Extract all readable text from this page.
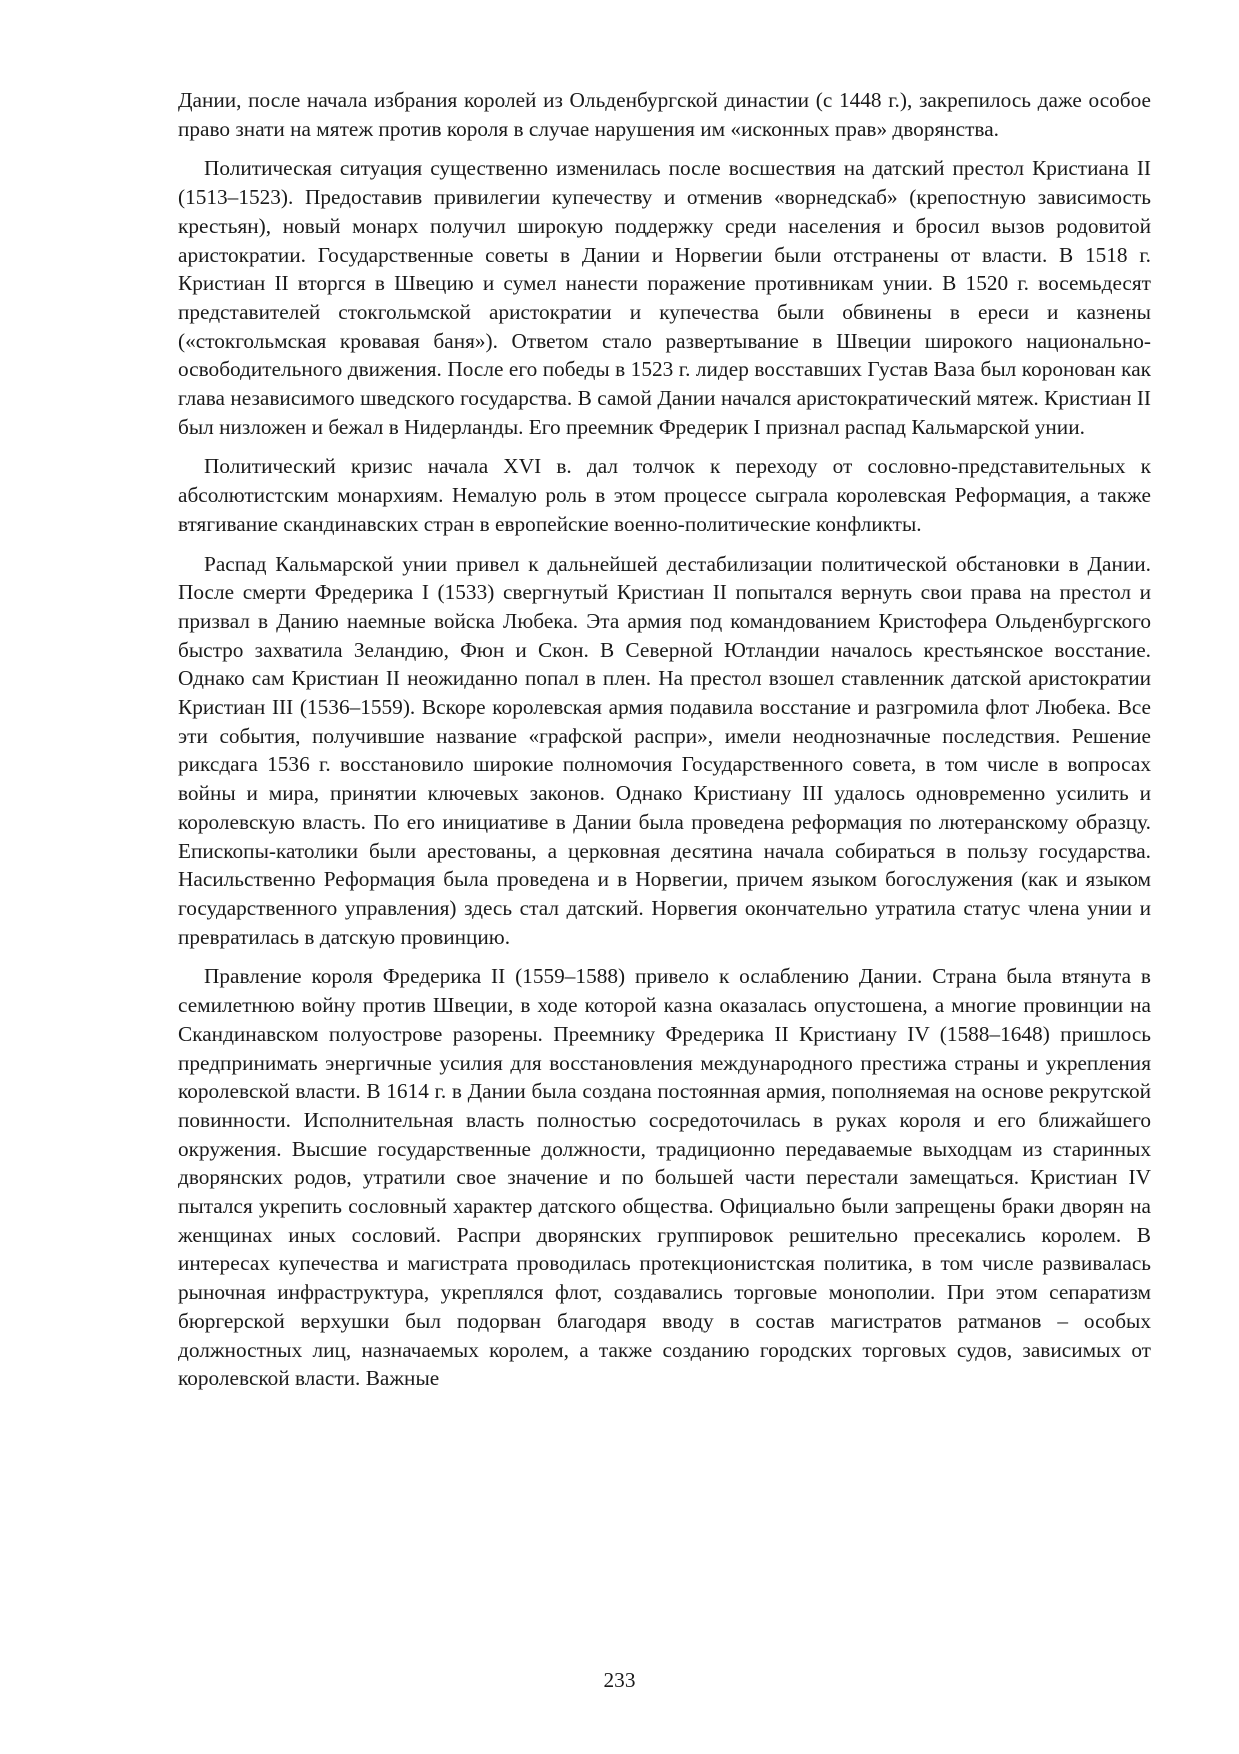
Дании, после начала избрания королей из Ольденбургской династии (с 1448 г.), закрепилось даже особое право знати на мятеж против короля в случае нарушения им «исконных прав» дворянства.

Политическая ситуация существенно изменилась после восшествия на датский престол Кристиана II (1513–1523). Предоставив привилегии купечеству и отменив «ворнедскаб» (крепостную зависимость крестьян), новый монарх получил широкую поддержку среди населения и бросил вызов родовитой аристократии. Государственные советы в Дании и Норвегии были отстранены от власти. В 1518 г. Кристиан II вторгся в Швецию и сумел нанести поражение противникам унии. В 1520 г. восемьдесят представителей стокгольмской аристократии и купечества были обвинены в ереси и казнены («стокгольмская кровавая баня»). Ответом стало развертывание в Швеции широкого национально-освободительного движения. После его победы в 1523 г. лидер восставших Густав Ваза был коронован как глава независимого шведского государства. В самой Дании начался аристократический мятеж. Кристиан II был низложен и бежал в Нидерланды. Его преемник Фредерик I признал распад Кальмарской унии.

Политический кризис начала XVI в. дал толчок к переходу от сословно-представительных к абсолютистским монархиям. Немалую роль в этом процессе сыграла королевская Реформация, а также втягивание скандинавских стран в европейские военно-политические конфликты.

Распад Кальмарской унии привел к дальнейшей дестабилизации политической обстановки в Дании. После смерти Фредерика I (1533) свергнутый Кристиан II попытался вернуть свои права на престол и призвал в Данию наемные войска Любека. Эта армия под командованием Кристофера Ольденбургского быстро захватила Зеландию, Фюн и Скон. В Северной Ютландии началось крестьянское восстание. Однако сам Кристиан II неожиданно попал в плен. На престол взошел ставленник датской аристократии Кристиан III (1536–1559). Вскоре королевская армия подавила восстание и разгромила флот Любека. Все эти события, получившие название «графской распри», имели неоднозначные последствия. Решение риксдага 1536 г. восстановило широкие полномочия Государственного совета, в том числе в вопросах войны и мира, принятии ключевых законов. Однако Кристиану III удалось одновременно усилить и королевскую власть. По его инициативе в Дании была проведена реформация по лютеранскому образцу. Епископы-католики были арестованы, а церковная десятина начала собираться в пользу государства. Насильственно Реформация была проведена и в Норвегии, причем языком богослужения (как и языком государственного управления) здесь стал датский. Норвегия окончательно утратила статус члена унии и превратилась в датскую провинцию.

Правление короля Фредерика II (1559–1588) привело к ослаблению Дании. Страна была втянута в семилетнюю войну против Швеции, в ходе которой казна оказалась опустошена, а многие провинции на Скандинавском полуострове разорены. Преемнику Фредерика II Кристиану IV (1588–1648) пришлось предпринимать энергичные усилия для восстановления международного престижа страны и укрепления королевской власти. В 1614 г. в Дании была создана постоянная армия, пополняемая на основе рекрутской повинности. Исполнительная власть полностью сосредоточилась в руках короля и его ближайшего окружения. Высшие государственные должности, традиционно передаваемые выходцам из старинных дворянских родов, утратили свое значение и по большей части перестали замещаться. Кристиан IV пытался укрепить сословный характер датского общества. Официально были запрещены браки дворян на женщинах иных сословий. Распри дворянских группировок решительно пресекались королем. В интересах купечества и магистрата проводилась протекционистская политика, в том числе развивалась рыночная инфраструктура, укреплялся флот, создавались торговые монополии. При этом сепаратизм бюргерской верхушки был подорван благодаря вводу в состав магистратов ратманов – особых должностных лиц, назначаемых королем, а также созданию городских торговых судов, зависимых от королевской власти. Важные

233
